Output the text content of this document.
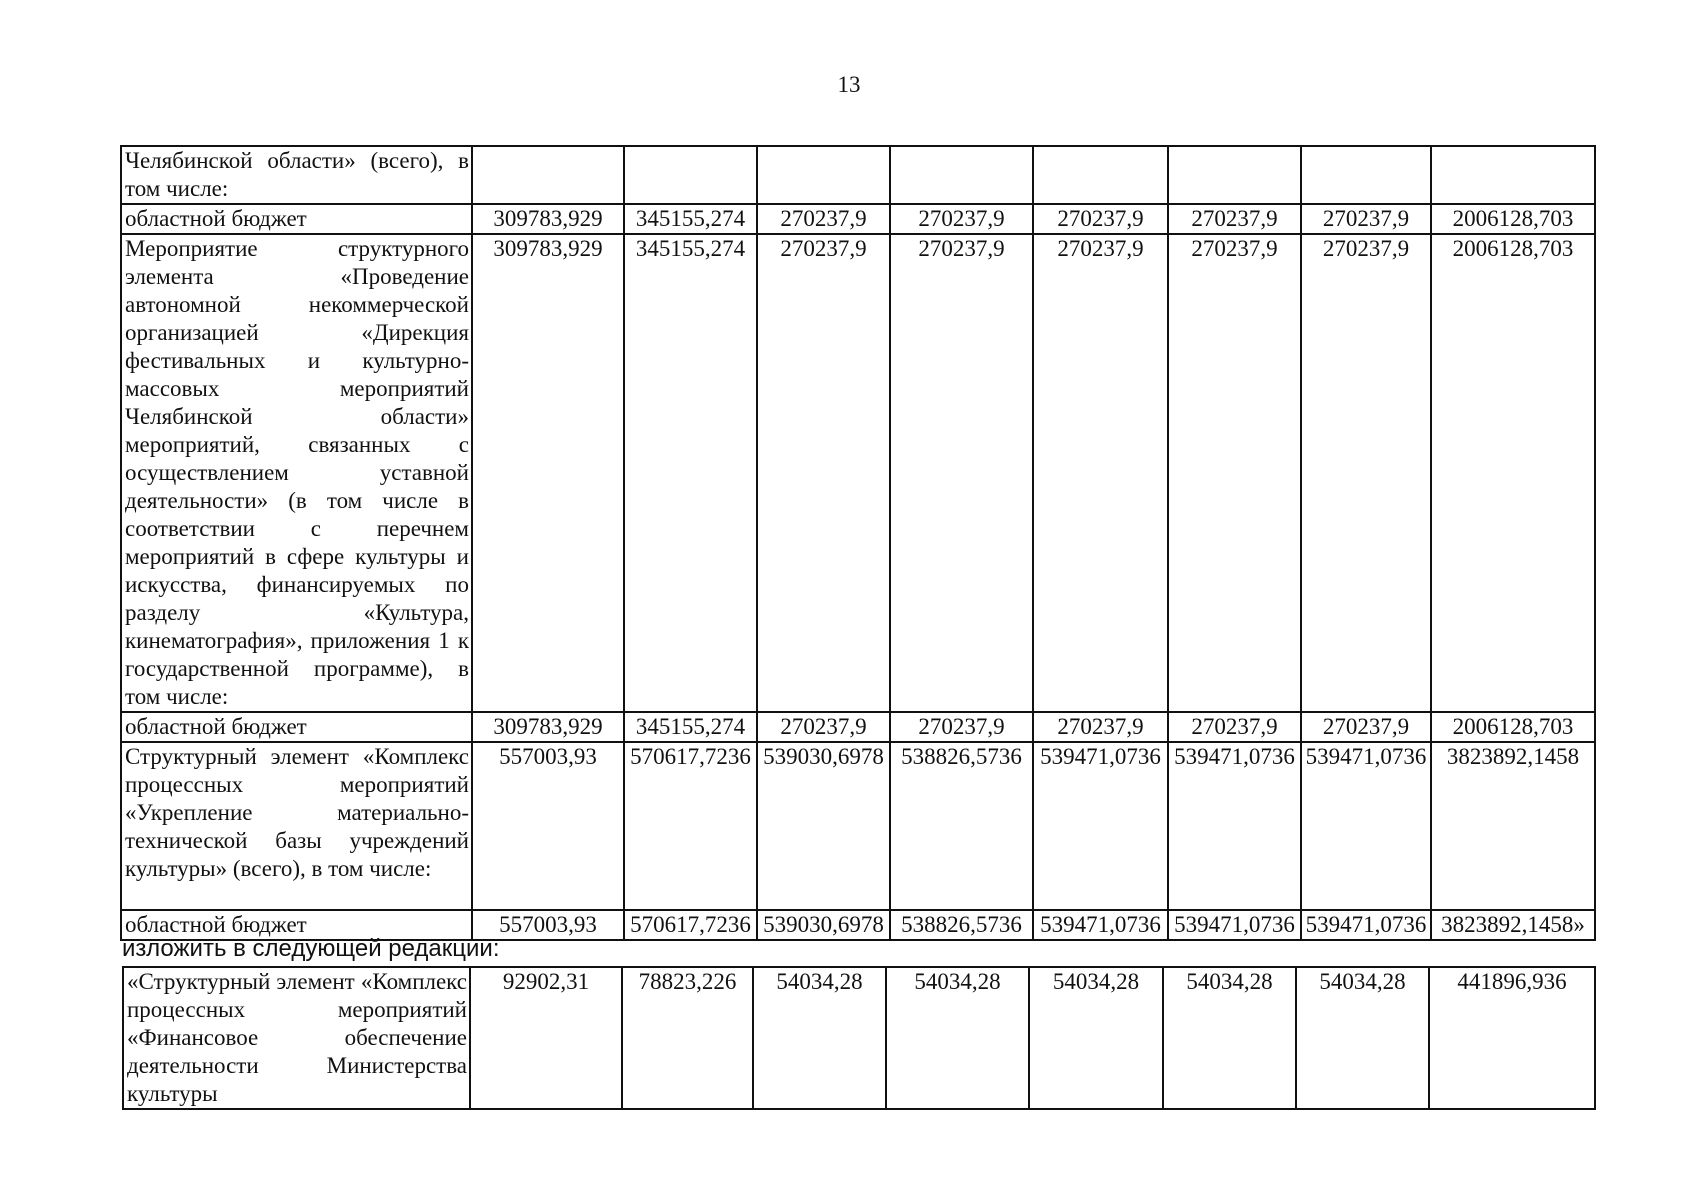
13
Челябинской области» (всего), в том числе:								
областной бюджет	309783,929	345155,274	270237,9	270237,9	270237,9	270237,9	270237,9	2006128,703
Мероприятие структурного элемента «Проведение автономной некоммерческой организацией «Дирекция фестивальных и культурно-массовых мероприятий Челябинской области» мероприятий, связанных с осуществлением уставной деятельности» (в том числе в соответствии с перечнем мероприятий в сфере культуры и искусства, финансируемых по разделу «Культура, кинематография», приложения 1 к государственной программе), в том числе:	309783,929	345155,274	270237,9	270237,9	270237,9	270237,9	270237,9	2006128,703
областной бюджет	309783,929	345155,274	270237,9	270237,9	270237,9	270237,9	270237,9	2006128,703
Структурный элемент «Комплекс процессных мероприятий «Укрепление материально-технической базы учреждений культуры» (всего), в том числе:	557003,93	570617,7236	539030,6978	538826,5736	539471,0736	539471,0736	539471,0736	3823892,1458
областной бюджет	557003,93	570617,7236	539030,6978	538826,5736	539471,0736	539471,0736	539471,0736	3823892,1458»
изложить в следующей редакции:
«Структурный элемент «Комплекс процессных мероприятий «Финансовое обеспечение деятельности Министерства культуры	92902,31	78823,226	54034,28	54034,28	54034,28	54034,28	54034,28	441896,936
